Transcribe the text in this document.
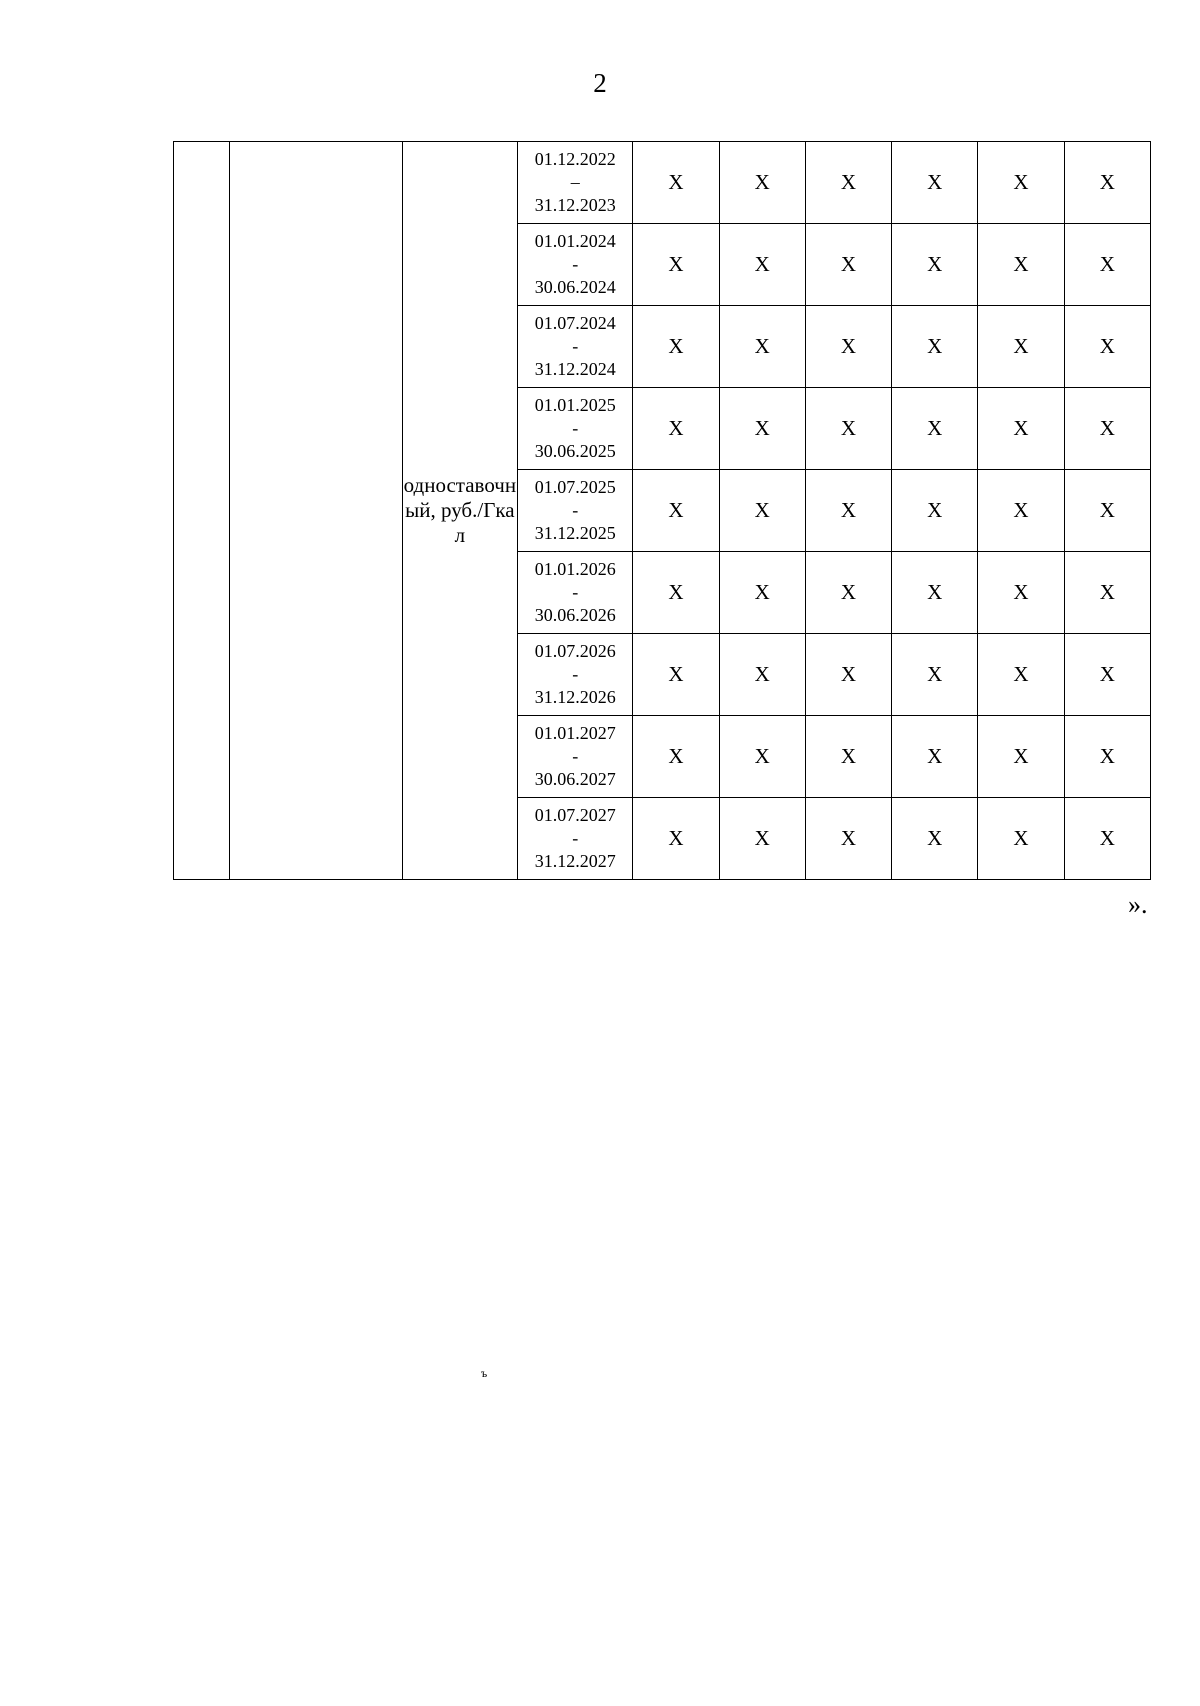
2
		одноставочный, руб./Гкал	01.12.2022
–
31.12.2023	Х	Х	Х	Х	Х	Х

			01.01.2024
-
30.06.2024	Х	Х	Х	Х	Х	Х

			01.07.2024
-
31.12.2024	Х	Х	Х	Х	Х	Х

			01.01.2025
-
30.06.2025	Х	Х	Х	Х	Х	Х

			01.07.2025
-
31.12.2025	Х	Х	Х	Х	Х	Х

			01.01.2026
-
30.06.2026	Х	Х	Х	Х	Х	Х

			01.07.2026
-
31.12.2026	Х	Х	Х	Х	Х	Х

			01.01.2027
-
30.06.2027	Х	Х	Х	Х	Х	Х

			01.07.2027
-
31.12.2027	Х	Х	Х	Х	Х	Х
».
ъ
